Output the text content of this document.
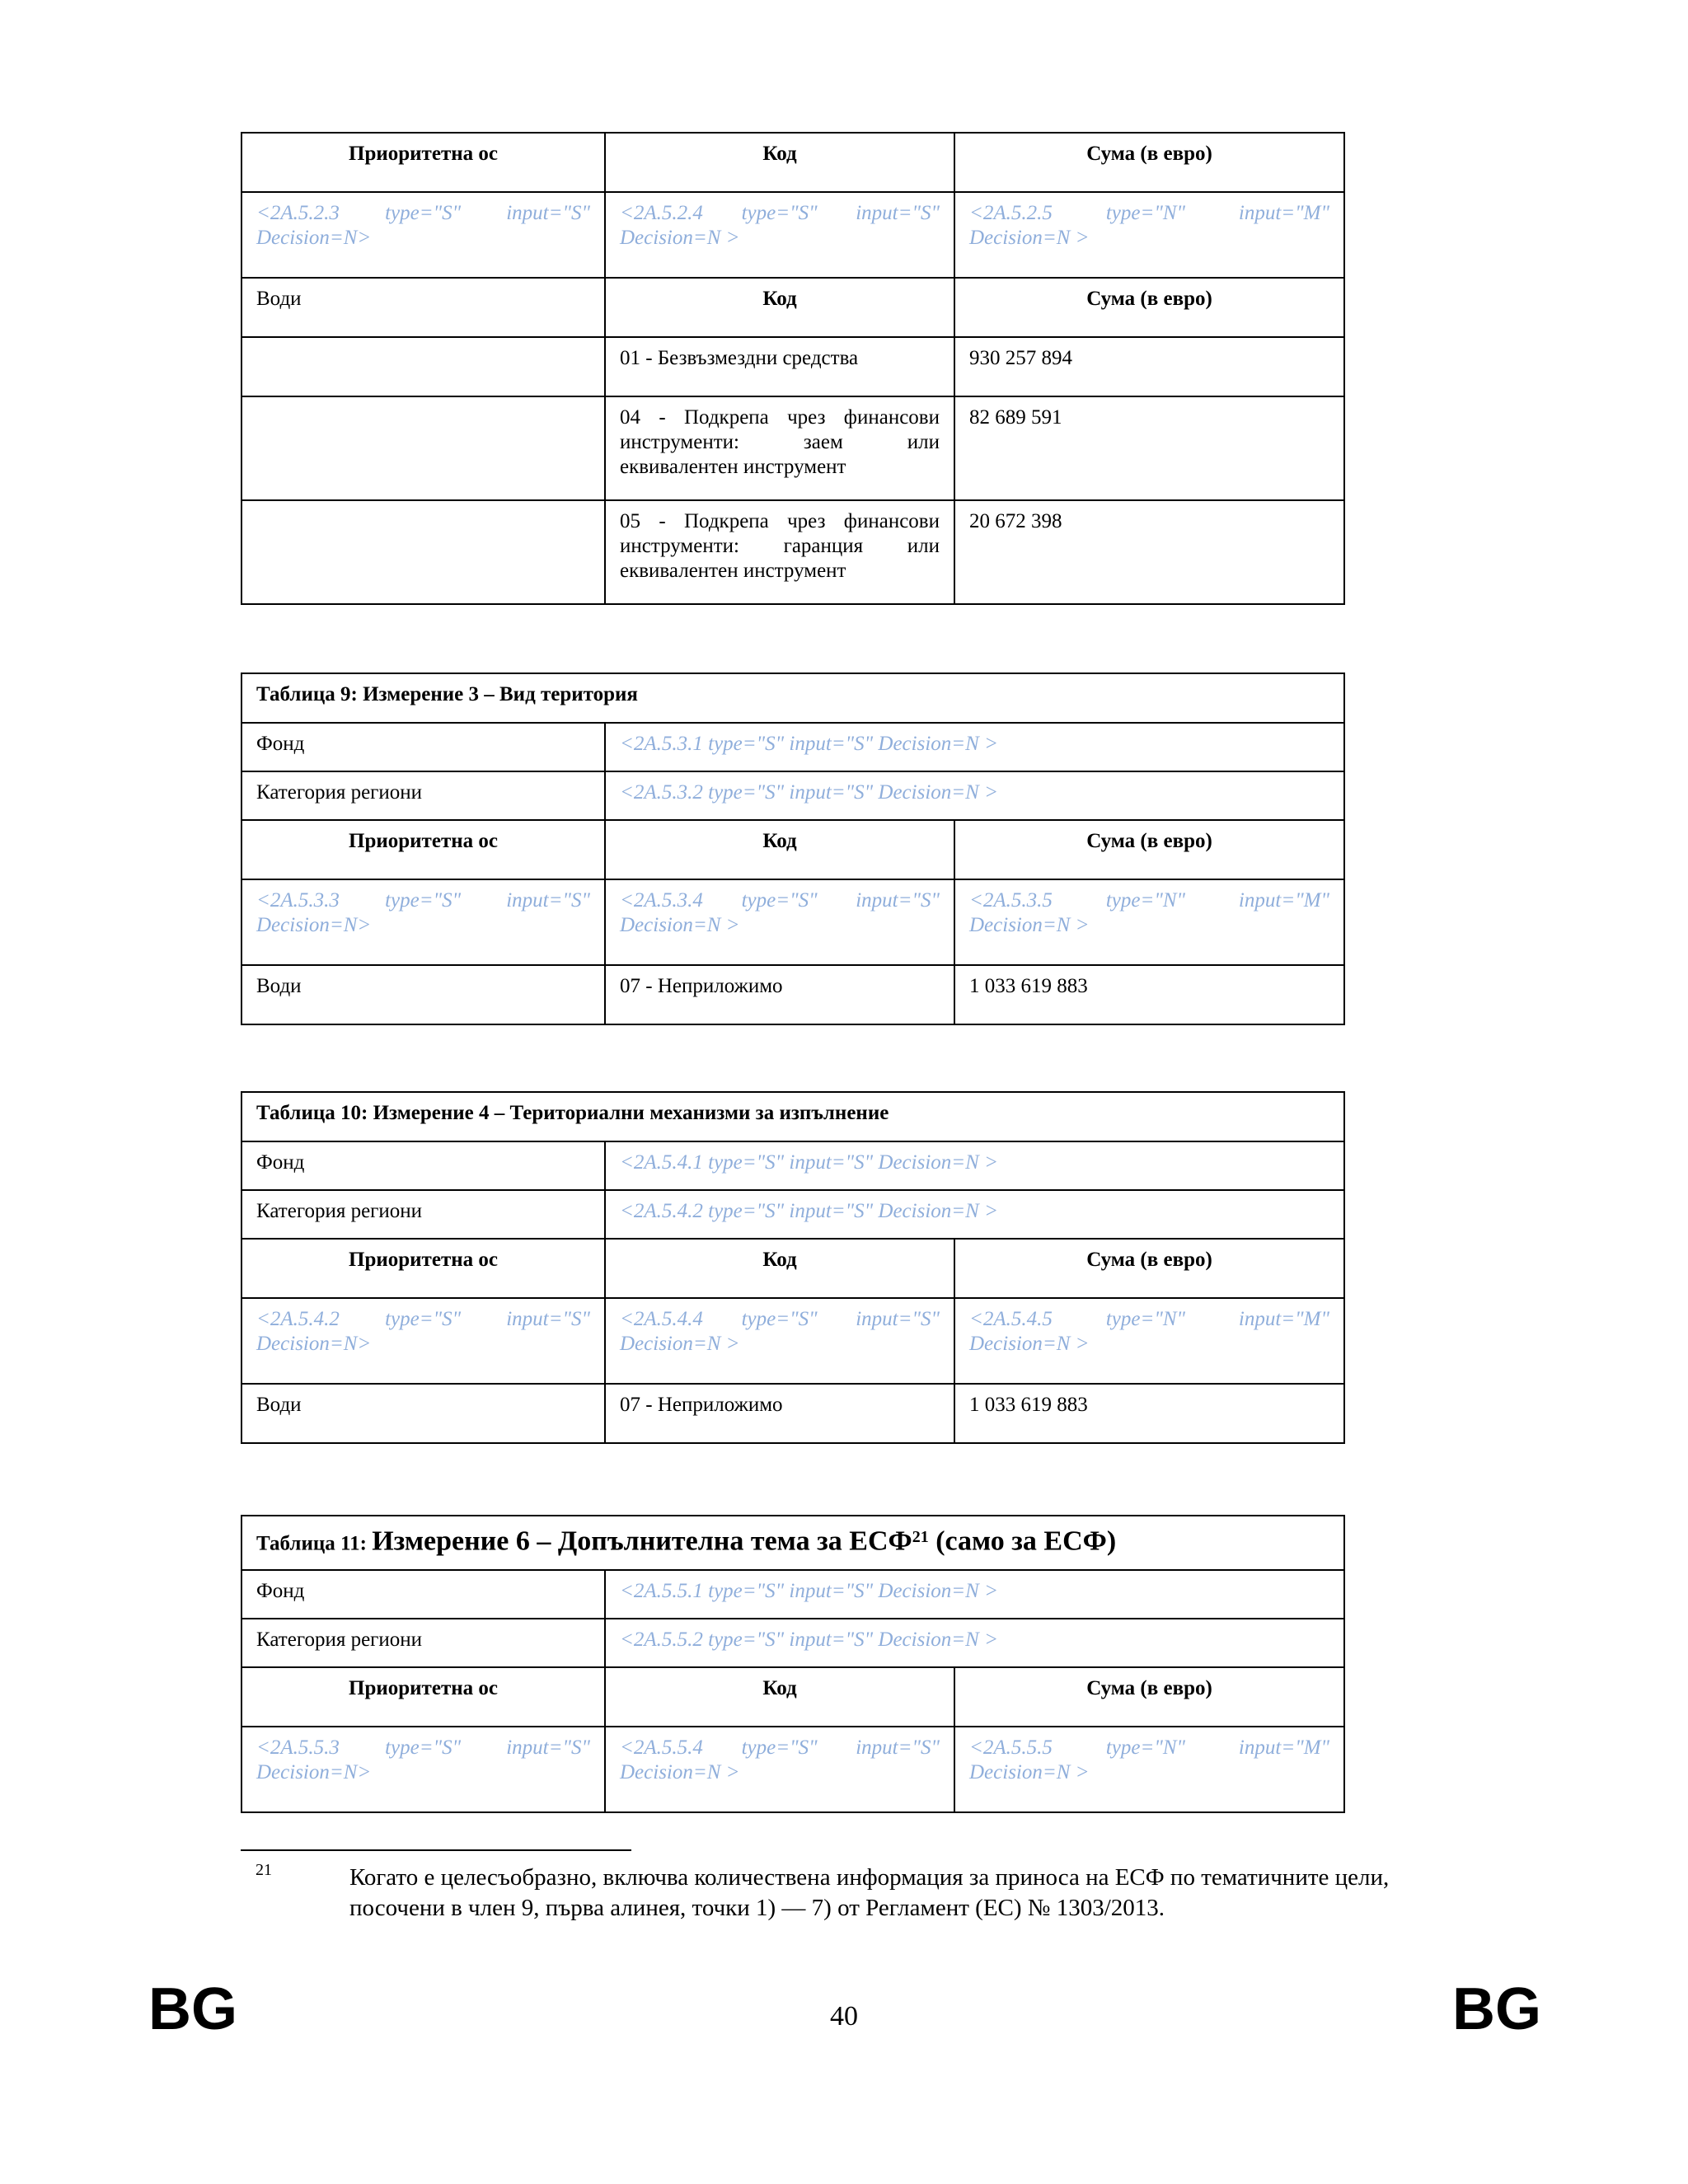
Приоритетна ос	Код	Сума (в евро)
<2A.5.2.3 type="S" input="S" Decision=N>	<2A.5.2.4 type="S" input="S" Decision=N >	<2A.5.2.5 type="N" input="M" Decision=N >
Води	Код	Сума (в евро)
	01 - Безвъзмездни средства	930 257 894
	04 - Подкрепа чрез финансови инструменти: заем или еквивалентен инструмент	82 689 591
	05 - Подкрепа чрез финансови инструменти: гаранция или еквивалентен инструмент	20 672 398
Таблица 9: Измерение 3 – Вид територия		
Фонд	<2A.5.3.1 type="S" input="S" Decision=N >	
Категория региони	<2A.5.3.2 type="S" input="S" Decision=N >	
Приоритетна ос	Код	Сума (в евро)
<2A.5.3.3 type="S" input="S" Decision=N>	<2A.5.3.4 type="S" input="S" Decision=N >	<2A.5.3.5 type="N" input="M" Decision=N >
Води	07 - Неприложимо	1 033 619 883
Таблица 10: Измерение 4 – Териториални механизми за изпълнение		
Фонд	<2A.5.4.1 type="S" input="S" Decision=N >	
Категория региони	<2A.5.4.2 type="S" input="S" Decision=N >	
Приоритетна ос	Код	Сума (в евро)
<2A.5.4.2 type="S" input="S" Decision=N>	<2A.5.4.4 type="S" input="S" Decision=N >	<2A.5.4.5 type="N" input="M" Decision=N >
Води	07 - Неприложимо	1 033 619 883
Таблица 11: Измерение 6 – Допълнителна тема за ЕСФ$^{21}$ (само за ЕСФ)		
Фонд	<2A.5.5.1 type="S" input="S" Decision=N >	
Категория региони	<2A.5.5.2 type="S" input="S" Decision=N >	
Приоритетна ос	Код	Сума (в евро)
<2A.5.5.3 type="S" input="S" Decision=N>	<2A.5.5.4 type="S" input="S" Decision=N >	<2A.5.5.5 type="N" input="M" Decision=N >
21	Когато е целесъобразно, включва количествена информация за приноса на ЕСФ по тематичните цели, посочени в член 9, първа алинея, точки 1) — 7) от Регламент (ЕС) № 1303/2013.
BG	40	BG
